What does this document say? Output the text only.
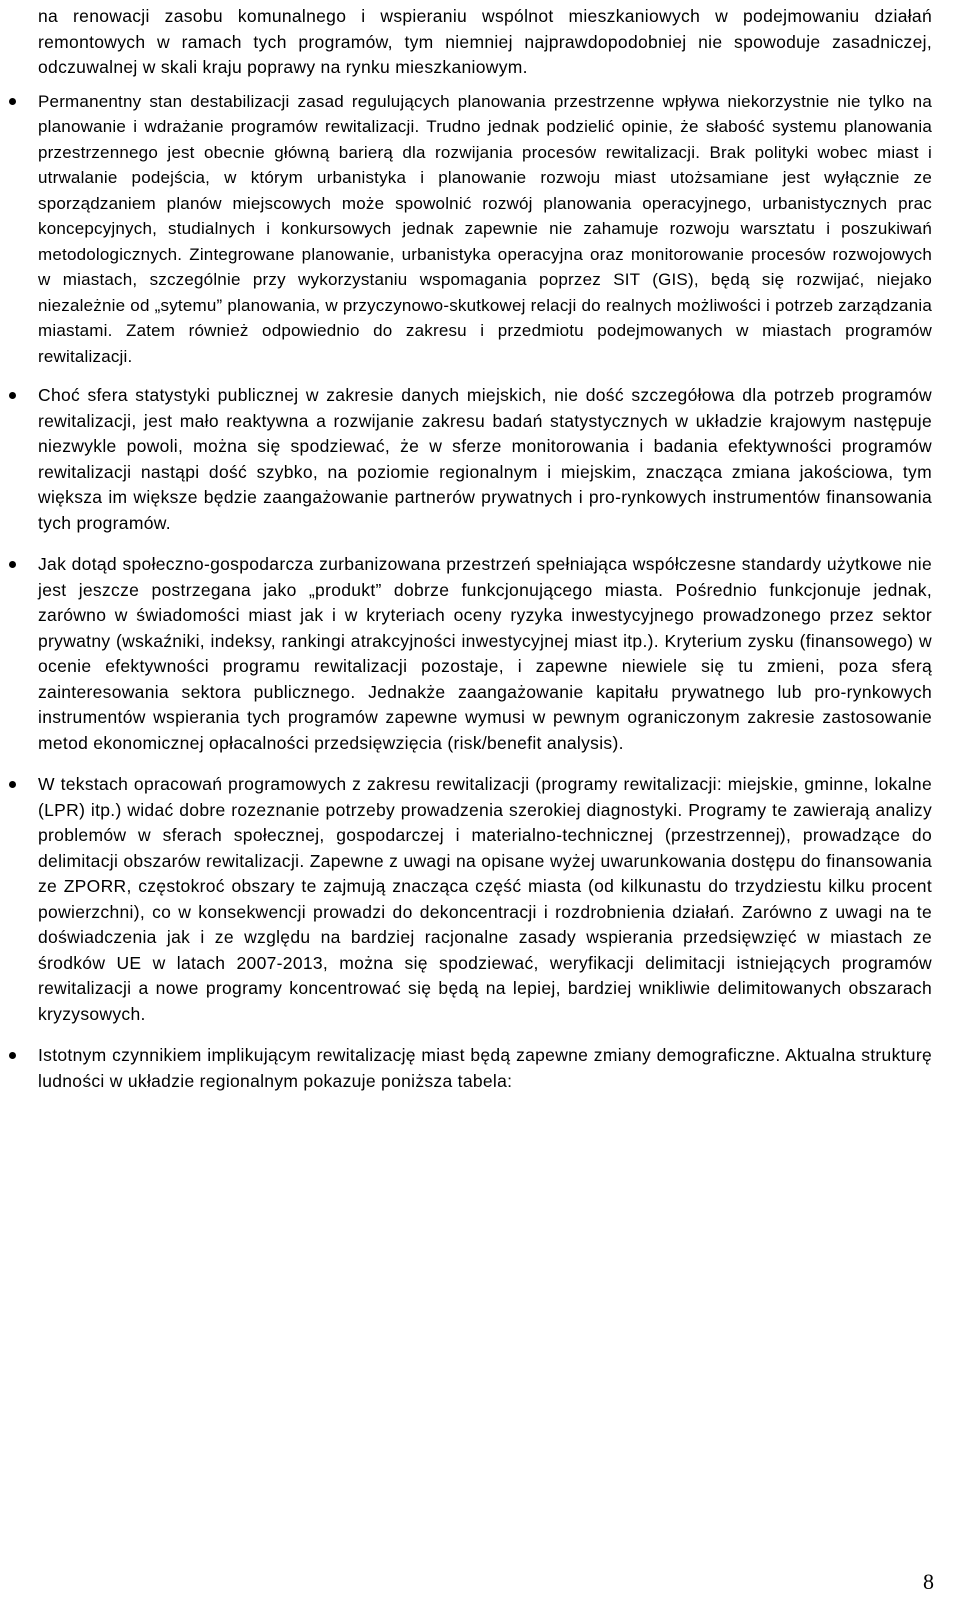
na renowacji zasobu komunalnego i wspieraniu wspólnot mieszkaniowych w podejmowaniu działań remontowych w ramach tych programów, tym niemniej najprawdopodobniej nie spowoduje zasadniczej, odczuwalnej w skali kraju poprawy na rynku mieszkaniowym.

Permanentny stan destabilizacji zasad regulujących planowania przestrzenne wpływa niekorzystnie nie tylko na planowanie i wdrażanie programów rewitalizacji. Trudno jednak podzielić opinie, że słabość systemu planowania przestrzennego jest obecnie główną barierą dla rozwijania procesów rewitalizacji. Brak polityki wobec miast i utrwalanie podejścia, w którym urbanistyka i planowanie rozwoju miast utożsamiane jest wyłącznie ze sporządzaniem planów miejscowych może spowolnić rozwój planowania operacyjnego, urbanistycznych prac koncepcyjnych, studialnych i konkursowych jednak zapewnie nie zahamuje rozwoju warsztatu i poszukiwań metodologicznych. Zintegrowane planowanie, urbanistyka operacyjna oraz monitorowanie procesów rozwojowych w miastach, szczególnie przy wykorzystaniu wspomagania poprzez SIT (GIS), będą się rozwijać, niejako niezależnie od „sytemu” planowania, w przyczynowo-skutkowej relacji do realnych możliwości i potrzeb zarządzania miastami. Zatem również odpowiednio do zakresu i przedmiotu podejmowanych w miastach programów rewitalizacji.
Choć sfera statystyki publicznej w zakresie danych miejskich, nie dość szczegółowa dla potrzeb programów rewitalizacji, jest mało reaktywna a rozwijanie zakresu badań statystycznych w układzie krajowym następuje niezwykle powoli, można się spodziewać, że w sferze monitorowania i badania efektywności programów rewitalizacji nastąpi dość szybko, na poziomie regionalnym i miejskim, znacząca zmiana jakościowa, tym większa im większe będzie zaangażowanie partnerów prywatnych i pro-rynkowych instrumentów finansowania tych programów.
Jak dotąd społeczno-gospodarcza zurbanizowana przestrzeń spełniająca współczesne standardy użytkowe nie jest jeszcze postrzegana jako „produkt” dobrze funkcjonującego miasta. Pośrednio funkcjonuje jednak, zarówno w świadomości miast jak i w kryteriach oceny ryzyka inwestycyjnego prowadzonego przez sektor prywatny (wskaźniki, indeksy, rankingi atrakcyjności inwestycyjnej miast itp.). Kryterium zysku (finansowego) w ocenie efektywności programu rewitalizacji pozostaje, i zapewne niewiele się tu zmieni, poza sferą zainteresowania sektora publicznego. Jednakże zaangażowanie kapitału prywatnego lub pro-rynkowych instrumentów wspierania tych programów zapewne wymusi w pewnym ograniczonym zakresie zastosowanie metod ekonomicznej opłacalności przedsięwzięcia (risk/benefit analysis).
W tekstach opracowań programowych z zakresu rewitalizacji (programy rewitalizacji: miejskie, gminne, lokalne (LPR) itp.) widać dobre rozeznanie potrzeby prowadzenia szerokiej diagnostyki. Programy te zawierają analizy problemów w sferach społecznej, gospodarczej i materialno-technicznej (przestrzennej), prowadzące do delimitacji obszarów rewitalizacji. Zapewne z uwagi na opisane wyżej uwarunkowania dostępu do finansowania ze ZPORR, częstokroć obszary te zajmują znacząca część miasta (od kilkunastu do trzydziestu kilku procent powierzchni), co w konsekwencji prowadzi do dekoncentracji i rozdrobnienia działań. Zarówno z uwagi na te doświadczenia jak i ze względu na bardziej racjonalne zasady wspierania przedsięwzięć w miastach ze środków UE w latach 2007-2013, można się spodziewać, weryfikacji delimitacji istniejących programów rewitalizacji a nowe programy koncentrować się będą na lepiej, bardziej wnikliwie delimitowanych obszarach kryzysowych.
Istotnym czynnikiem implikującym rewitalizację miast będą zapewne zmiany demograficzne. Aktualna strukturę ludności w układzie regionalnym pokazuje poniższa tabela:
8
